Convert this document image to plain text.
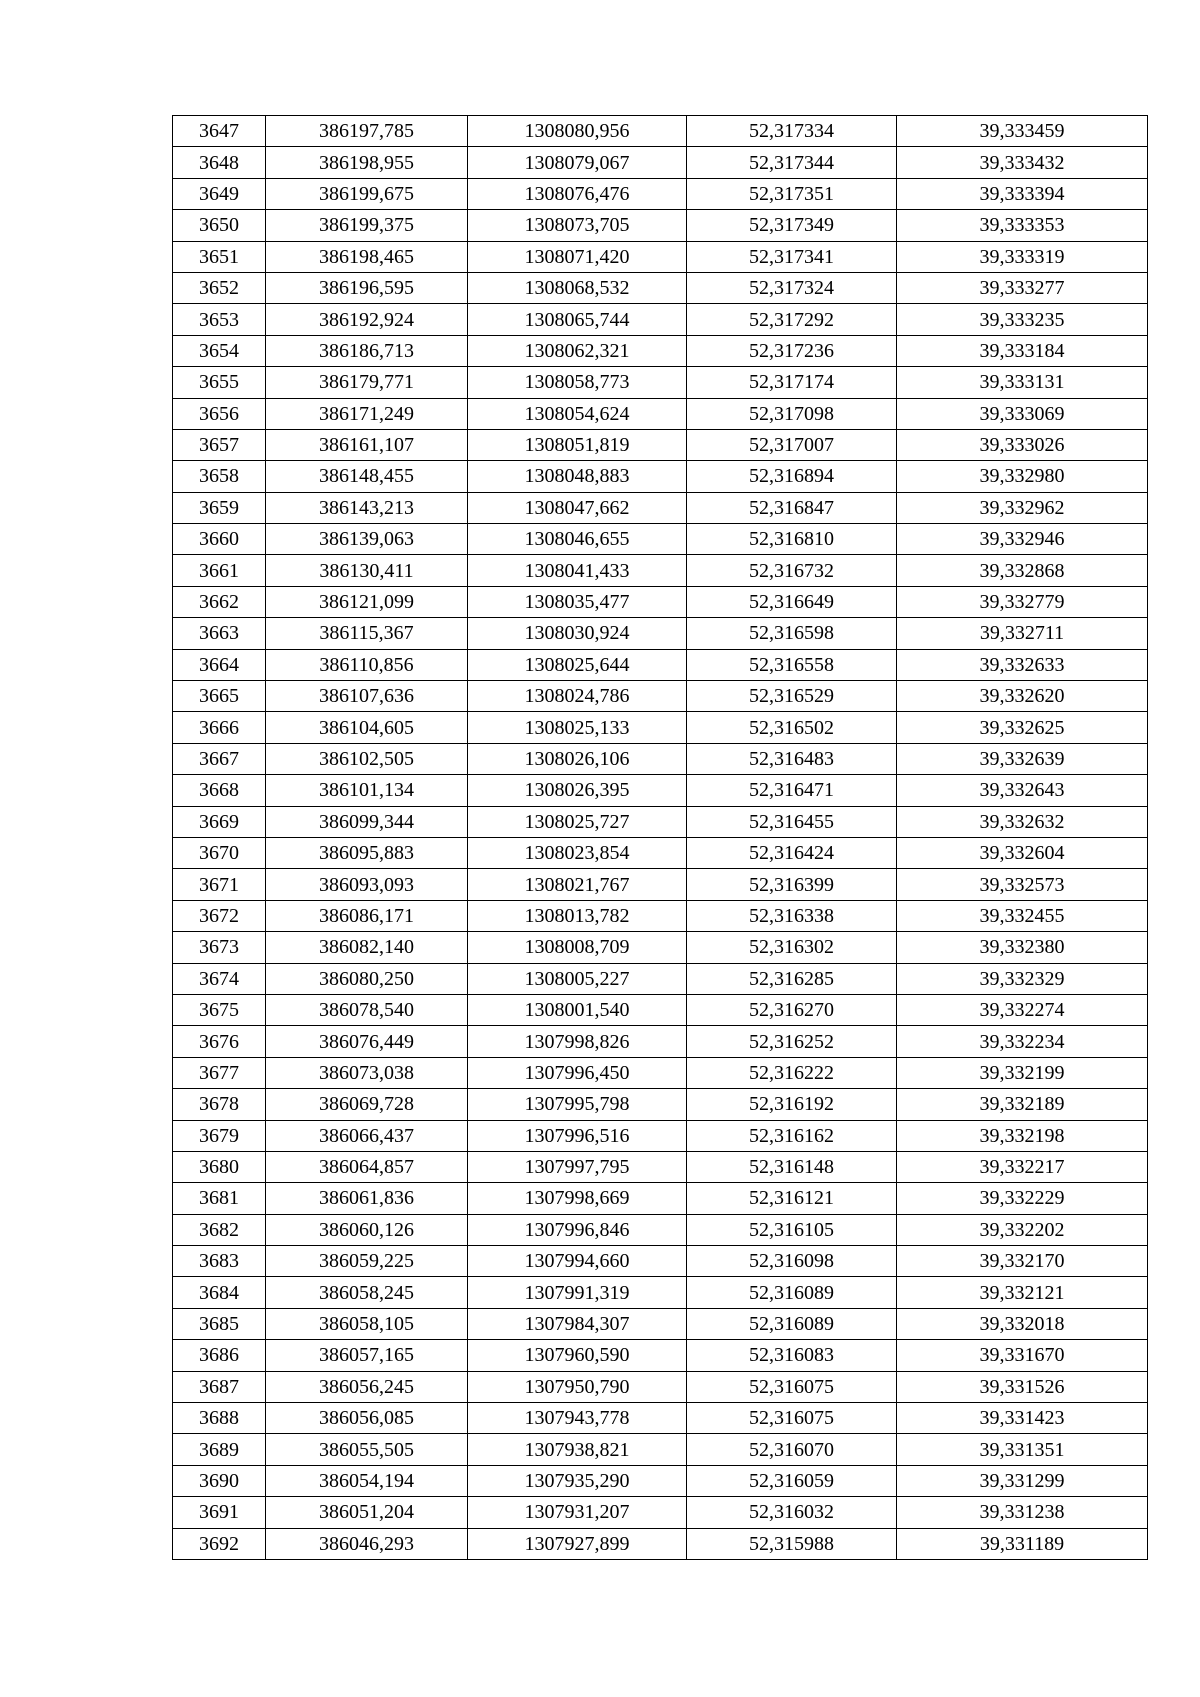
3647	386197,785	1308080,956	52,317334	39,333459
3648	386198,955	1308079,067	52,317344	39,333432
3649	386199,675	1308076,476	52,317351	39,333394
3650	386199,375	1308073,705	52,317349	39,333353
3651	386198,465	1308071,420	52,317341	39,333319
3652	386196,595	1308068,532	52,317324	39,333277
3653	386192,924	1308065,744	52,317292	39,333235
3654	386186,713	1308062,321	52,317236	39,333184
3655	386179,771	1308058,773	52,317174	39,333131
3656	386171,249	1308054,624	52,317098	39,333069
3657	386161,107	1308051,819	52,317007	39,333026
3658	386148,455	1308048,883	52,316894	39,332980
3659	386143,213	1308047,662	52,316847	39,332962
3660	386139,063	1308046,655	52,316810	39,332946
3661	386130,411	1308041,433	52,316732	39,332868
3662	386121,099	1308035,477	52,316649	39,332779
3663	386115,367	1308030,924	52,316598	39,332711
3664	386110,856	1308025,644	52,316558	39,332633
3665	386107,636	1308024,786	52,316529	39,332620
3666	386104,605	1308025,133	52,316502	39,332625
3667	386102,505	1308026,106	52,316483	39,332639
3668	386101,134	1308026,395	52,316471	39,332643
3669	386099,344	1308025,727	52,316455	39,332632
3670	386095,883	1308023,854	52,316424	39,332604
3671	386093,093	1308021,767	52,316399	39,332573
3672	386086,171	1308013,782	52,316338	39,332455
3673	386082,140	1308008,709	52,316302	39,332380
3674	386080,250	1308005,227	52,316285	39,332329
3675	386078,540	1308001,540	52,316270	39,332274
3676	386076,449	1307998,826	52,316252	39,332234
3677	386073,038	1307996,450	52,316222	39,332199
3678	386069,728	1307995,798	52,316192	39,332189
3679	386066,437	1307996,516	52,316162	39,332198
3680	386064,857	1307997,795	52,316148	39,332217
3681	386061,836	1307998,669	52,316121	39,332229
3682	386060,126	1307996,846	52,316105	39,332202
3683	386059,225	1307994,660	52,316098	39,332170
3684	386058,245	1307991,319	52,316089	39,332121
3685	386058,105	1307984,307	52,316089	39,332018
3686	386057,165	1307960,590	52,316083	39,331670
3687	386056,245	1307950,790	52,316075	39,331526
3688	386056,085	1307943,778	52,316075	39,331423
3689	386055,505	1307938,821	52,316070	39,331351
3690	386054,194	1307935,290	52,316059	39,331299
3691	386051,204	1307931,207	52,316032	39,331238
3692	386046,293	1307927,899	52,315988	39,331189
